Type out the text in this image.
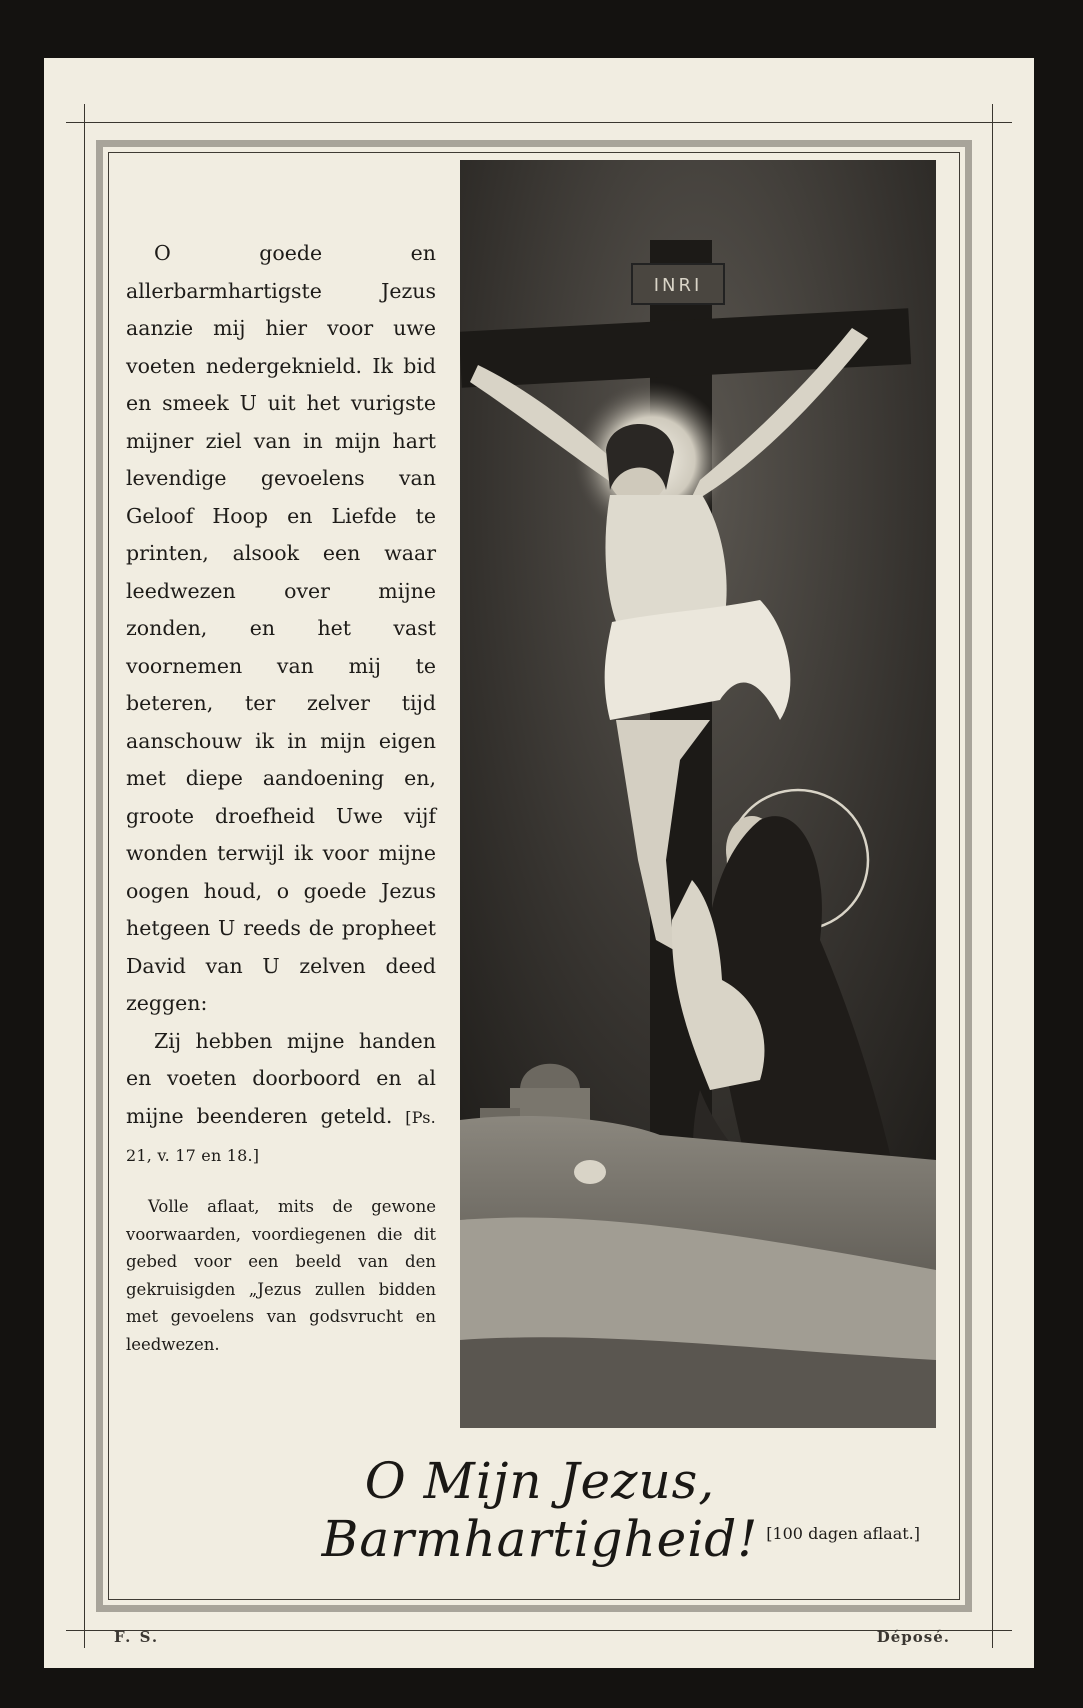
O goede en allerbarmhartigste Jezus aanzie mij hier voor uwe voeten nedergeknield. Ik bid en smeek U uit het vurigste mijner ziel van in mijn hart levendige gevoelens van Geloof Hoop en Liefde te printen, alsook een waar leedwezen over mijne zonden, en het vast voornemen van mij te beteren, ter zelver tijd aanschouw ik in mijn eigen met diepe aandoening en, groote droefheid Uwe vijf wonden terwijl ik voor mijne oogen houd, o goede Jezus hetgeen U reeds de propheet David van U zelven deed zeggen:

Zij hebben mijne handen en voeten doorboord en al mijne beenderen geteld. [Ps. 21, v. 17 en 18.]

Volle aflaat, mits de gewone voorwaarden, voordiegenen die dit gebed voor een beeld van den gekruisigden „Jezus zullen bidden met gevoelens van godsvrucht en leedwezen.

INRI
O Mijn Jezus, Barmhartigheid! [100 dagen aflaat.]
F. S.	Déposé.
